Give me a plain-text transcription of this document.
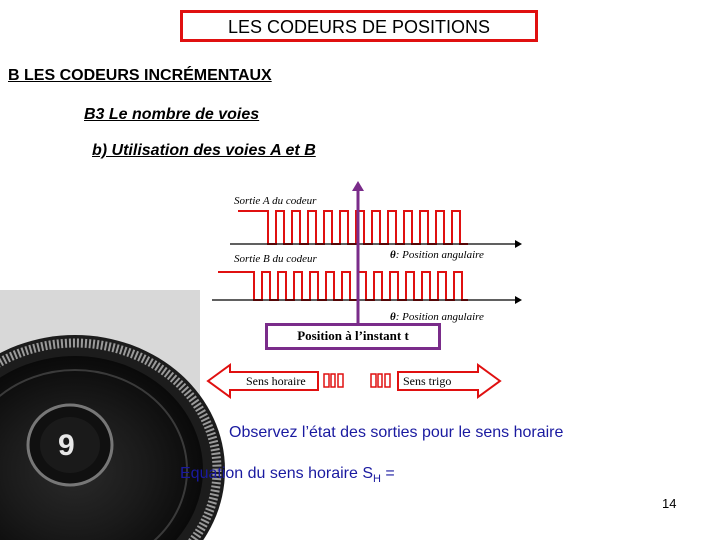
9
LES CODEURS DE POSITIONS
B LES CODEURS INCRÉMENTAUX
B3 Le nombre de voies
b) Utilisation des voies A et B
Sortie A du codeur
Sortie B du codeur	θ: Position angulaire
θ: Position angulaire
Position à l’instant t
Sens horaire	Sens trigo
Observez l’état des sorties pour le sens horaire
Equation du sens horaire $S_H$ =
14
